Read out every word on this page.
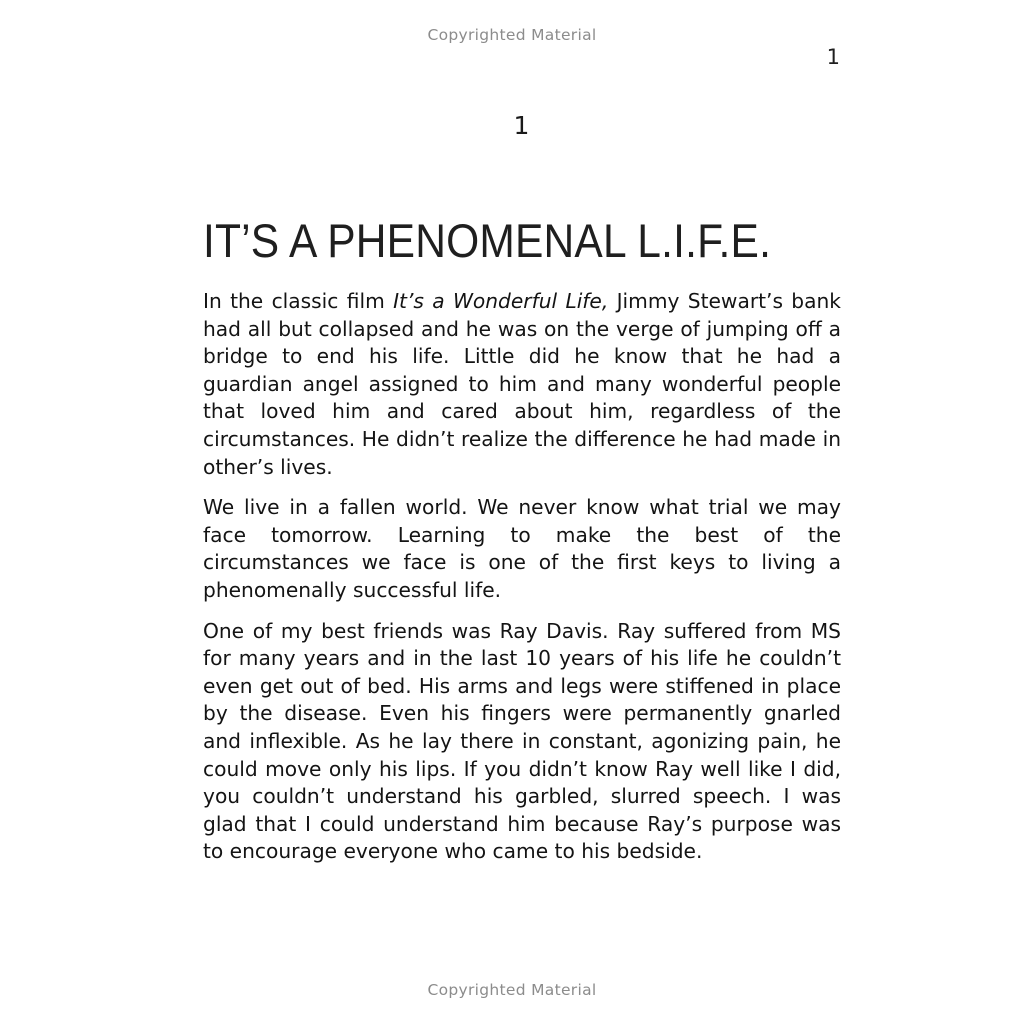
Copyrighted Material
1
1
IT’S A PHENOMENAL L.I.F.E.

In the classic film It’s a Wonderful Life, Jimmy Stewart’s bank had all but collapsed and he was on the verge of jumping off a bridge to end his life. Little did he know that he had a guardian angel assigned to him and many wonderful people that loved him and cared about him, regardless of the circumstances. He didn’t realize the difference he had made in other’s lives.

We live in a fallen world. We never know what trial we may face tomorrow. Learning to make the best of the circumstances we face is one of the first keys to living a phenomenally successful life.

One of my best friends was Ray Davis. Ray suffered from MS for many years and in the last 10 years of his life he couldn’t even get out of bed. His arms and legs were stiffened in place by the disease. Even his fingers were permanently gnarled and inflexible. As he lay there in constant, agonizing pain, he could move only his lips. If you didn’t know Ray well like I did, you couldn’t understand his garbled, slurred speech. I was glad that I could understand him because Ray’s purpose was to encourage everyone who came to his bedside.

Copyrighted Material
